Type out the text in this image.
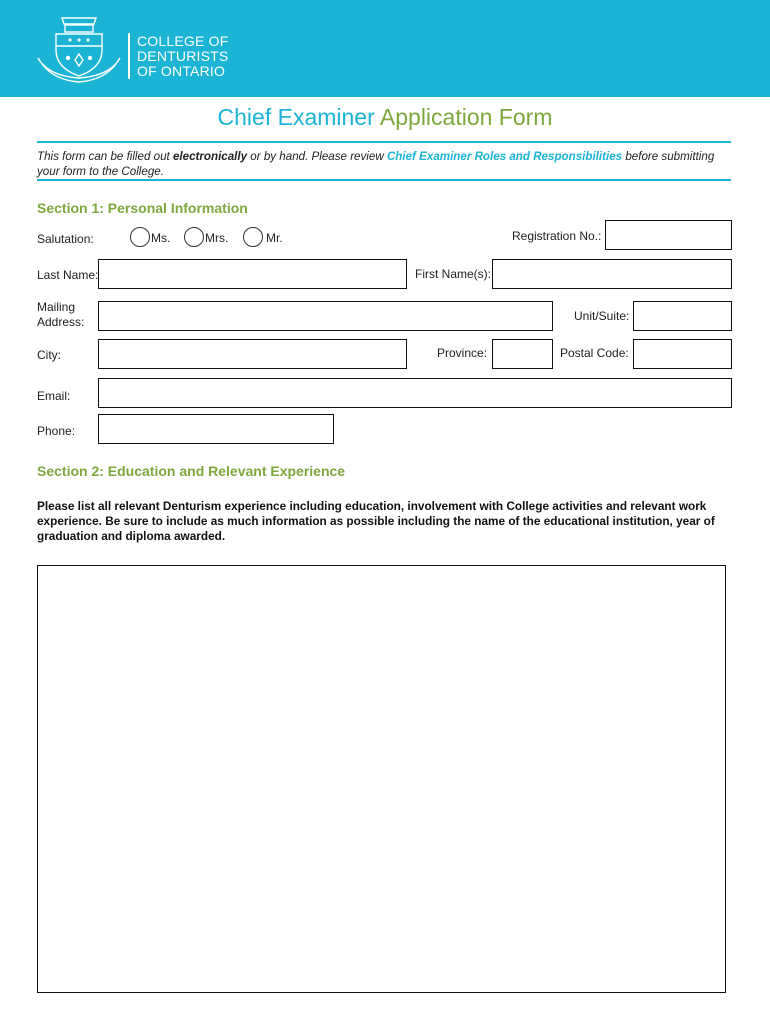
COLLEGE OF
DENTURISTS
OF ONTARIO
Chief Examiner Application Form
This form can be filled out electronically or by hand. Please review Chief Examiner Roles and Responsibilities before submitting your form to the College.
Section 1: Personal Information
Salutation:	Ms.	Mrs.	Mr.	Registration No.:
Last Name:	First Name(s):
Mailing
Address:	Unit/Suite:
City:	Province:	Postal Code:
Email:
Phone:
Section 2: Education and Relevant Experience
Please list all relevant Denturism experience including education, involvement with College activities and relevant work experience. Be sure to include as much information as possible including the name of the educational institution, year of graduation and diploma awarded.
